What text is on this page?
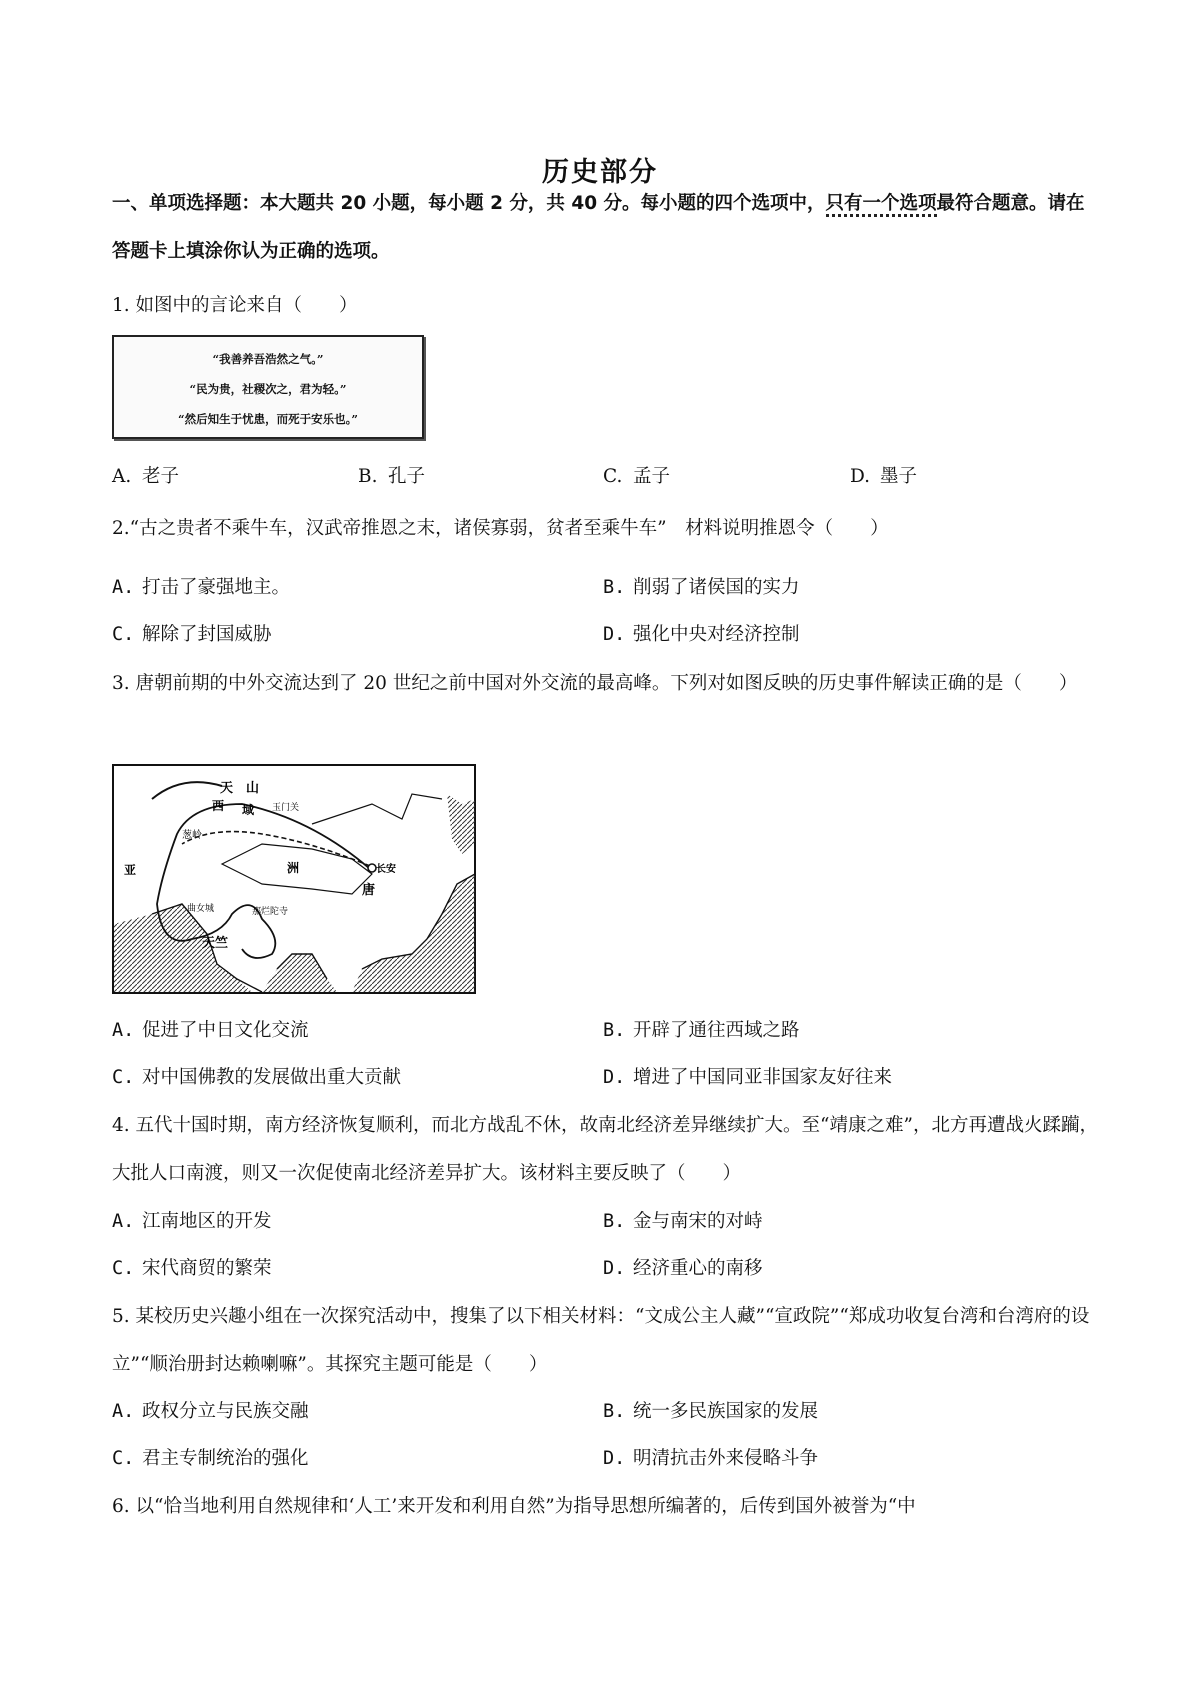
历史部分
一、单项选择题：本大题共 20 小题，每小题 2 分，共 40 分。每小题的四个选项中，只有一个选项最符合题意。请在答题卡上填涂你认为正确的选项。
1. 如图中的言论来自（　　）
“我善养吾浩然之气。”
“民为贵，社稷次之，君为轻。”
“然后知生于忧患，而死于安乐也。”
A. 老子	B. 孔子	C. 孟子	D. 墨子
2.“古之贵者不乘牛车，汉武帝推恩之末，诸侯寡弱，贫者至乘牛车”　材料说明推恩令（　　）
A. 打击了豪强地主。	B. 削弱了诸侯国的实力
C. 解除了封国威胁	D. 强化中央对经济控制
3. 唐朝前期的中外交流达到了 20 世纪之前中国对外交流的最高峰。下列对如图反映的历史事件解读正确的是（　　）
天　山
西 域 玉门关
葱岭
长安
亚	洲
唐
曲女城	那烂陀寺
天竺
A. 促进了中日文化交流	B. 开辟了通往西域之路
C. 对中国佛教的发展做出重大贡献	D. 增进了中国同亚非国家友好往来
4. 五代十国时期，南方经济恢复顺利，而北方战乱不休，故南北经济差异继续扩大。至“靖康之难”，北方再遭战火蹂躏，大批人口南渡，则又一次促使南北经济差异扩大。该材料主要反映了（　　）
A. 江南地区的开发	B. 金与南宋的对峙
C. 宋代商贸的繁荣	D. 经济重心的南移
5. 某校历史兴趣小组在一次探究活动中，搜集了以下相关材料：“文成公主人藏”“宣政院”“郑成功收复台湾和台湾府的设立”“顺治册封达赖喇嘛”。其探究主题可能是（　　）
A. 政权分立与民族交融	B. 统一多民族国家的发展
C. 君主专制统治的强化	D. 明清抗击外来侵略斗争
6. 以“恰当地利用自然规律和‘人工’来开发和利用自然”为指导思想所编著的，后传到国外被誉为“中
